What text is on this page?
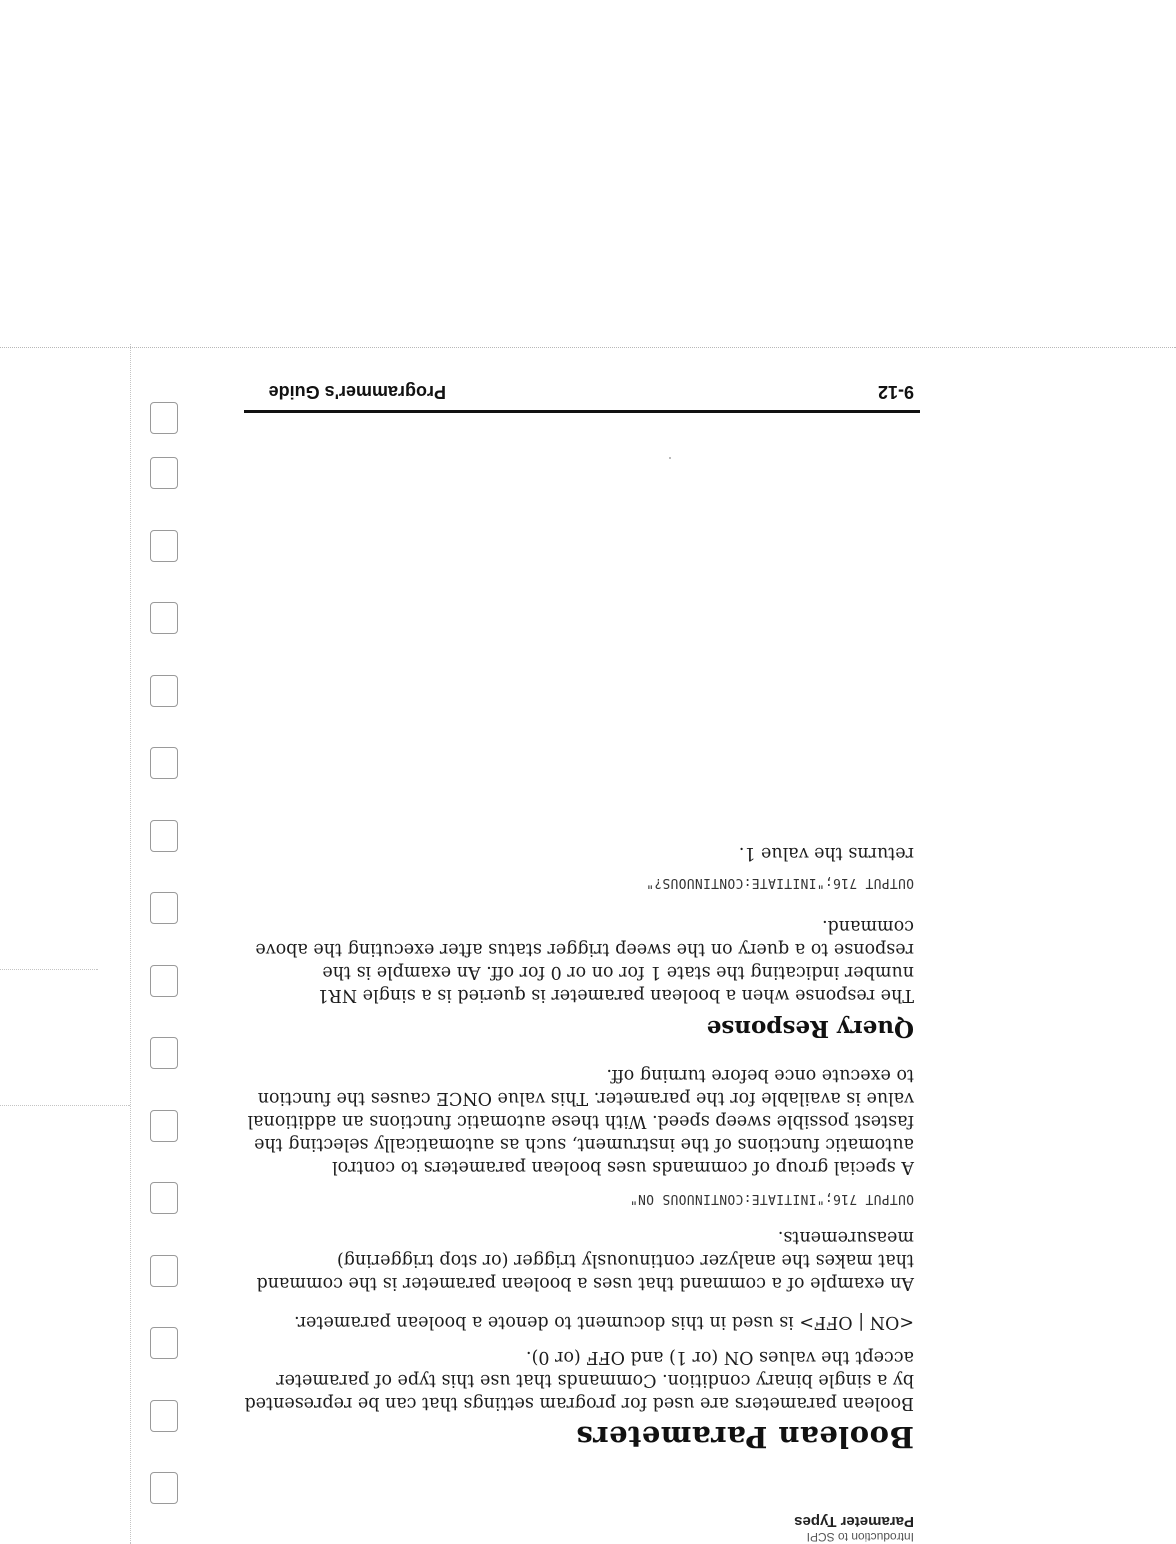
Introduction to SCPI
Parameter Types
Boolean Parameters
Boolean parameters are used for program settings that can be represented by a single binary condition. Commands that use this type of parameter accept the values ON (or 1) and OFF (or 0).
<ON | OFF> is used in this document to denote a boolean parameter.
An example of a command that uses a boolean parameter is the command that makes the analyzer continuously trigger (or stop triggering) measurements.
OUTPUT 716;"INITIATE:CONTINUOUS ON"
A special group of commands uses boolean parameters to control automatic functions of the instrument, such as automatically selecting the fastest possible sweep speed. With these automatic functions an additional value is available for the parameter. This value ONCE causes the function to execute once before turning off.
Query Response
The response when a boolean parameter is queried is a single NR1 number indicating the state 1 for on or 0 for off. An example is the response to a query on the sweep trigger status after executing the above command.
OUTPUT 716;"INITIATE:CONTINUOUS?"
returns the value 1.
Programmer's Guide	9-12
